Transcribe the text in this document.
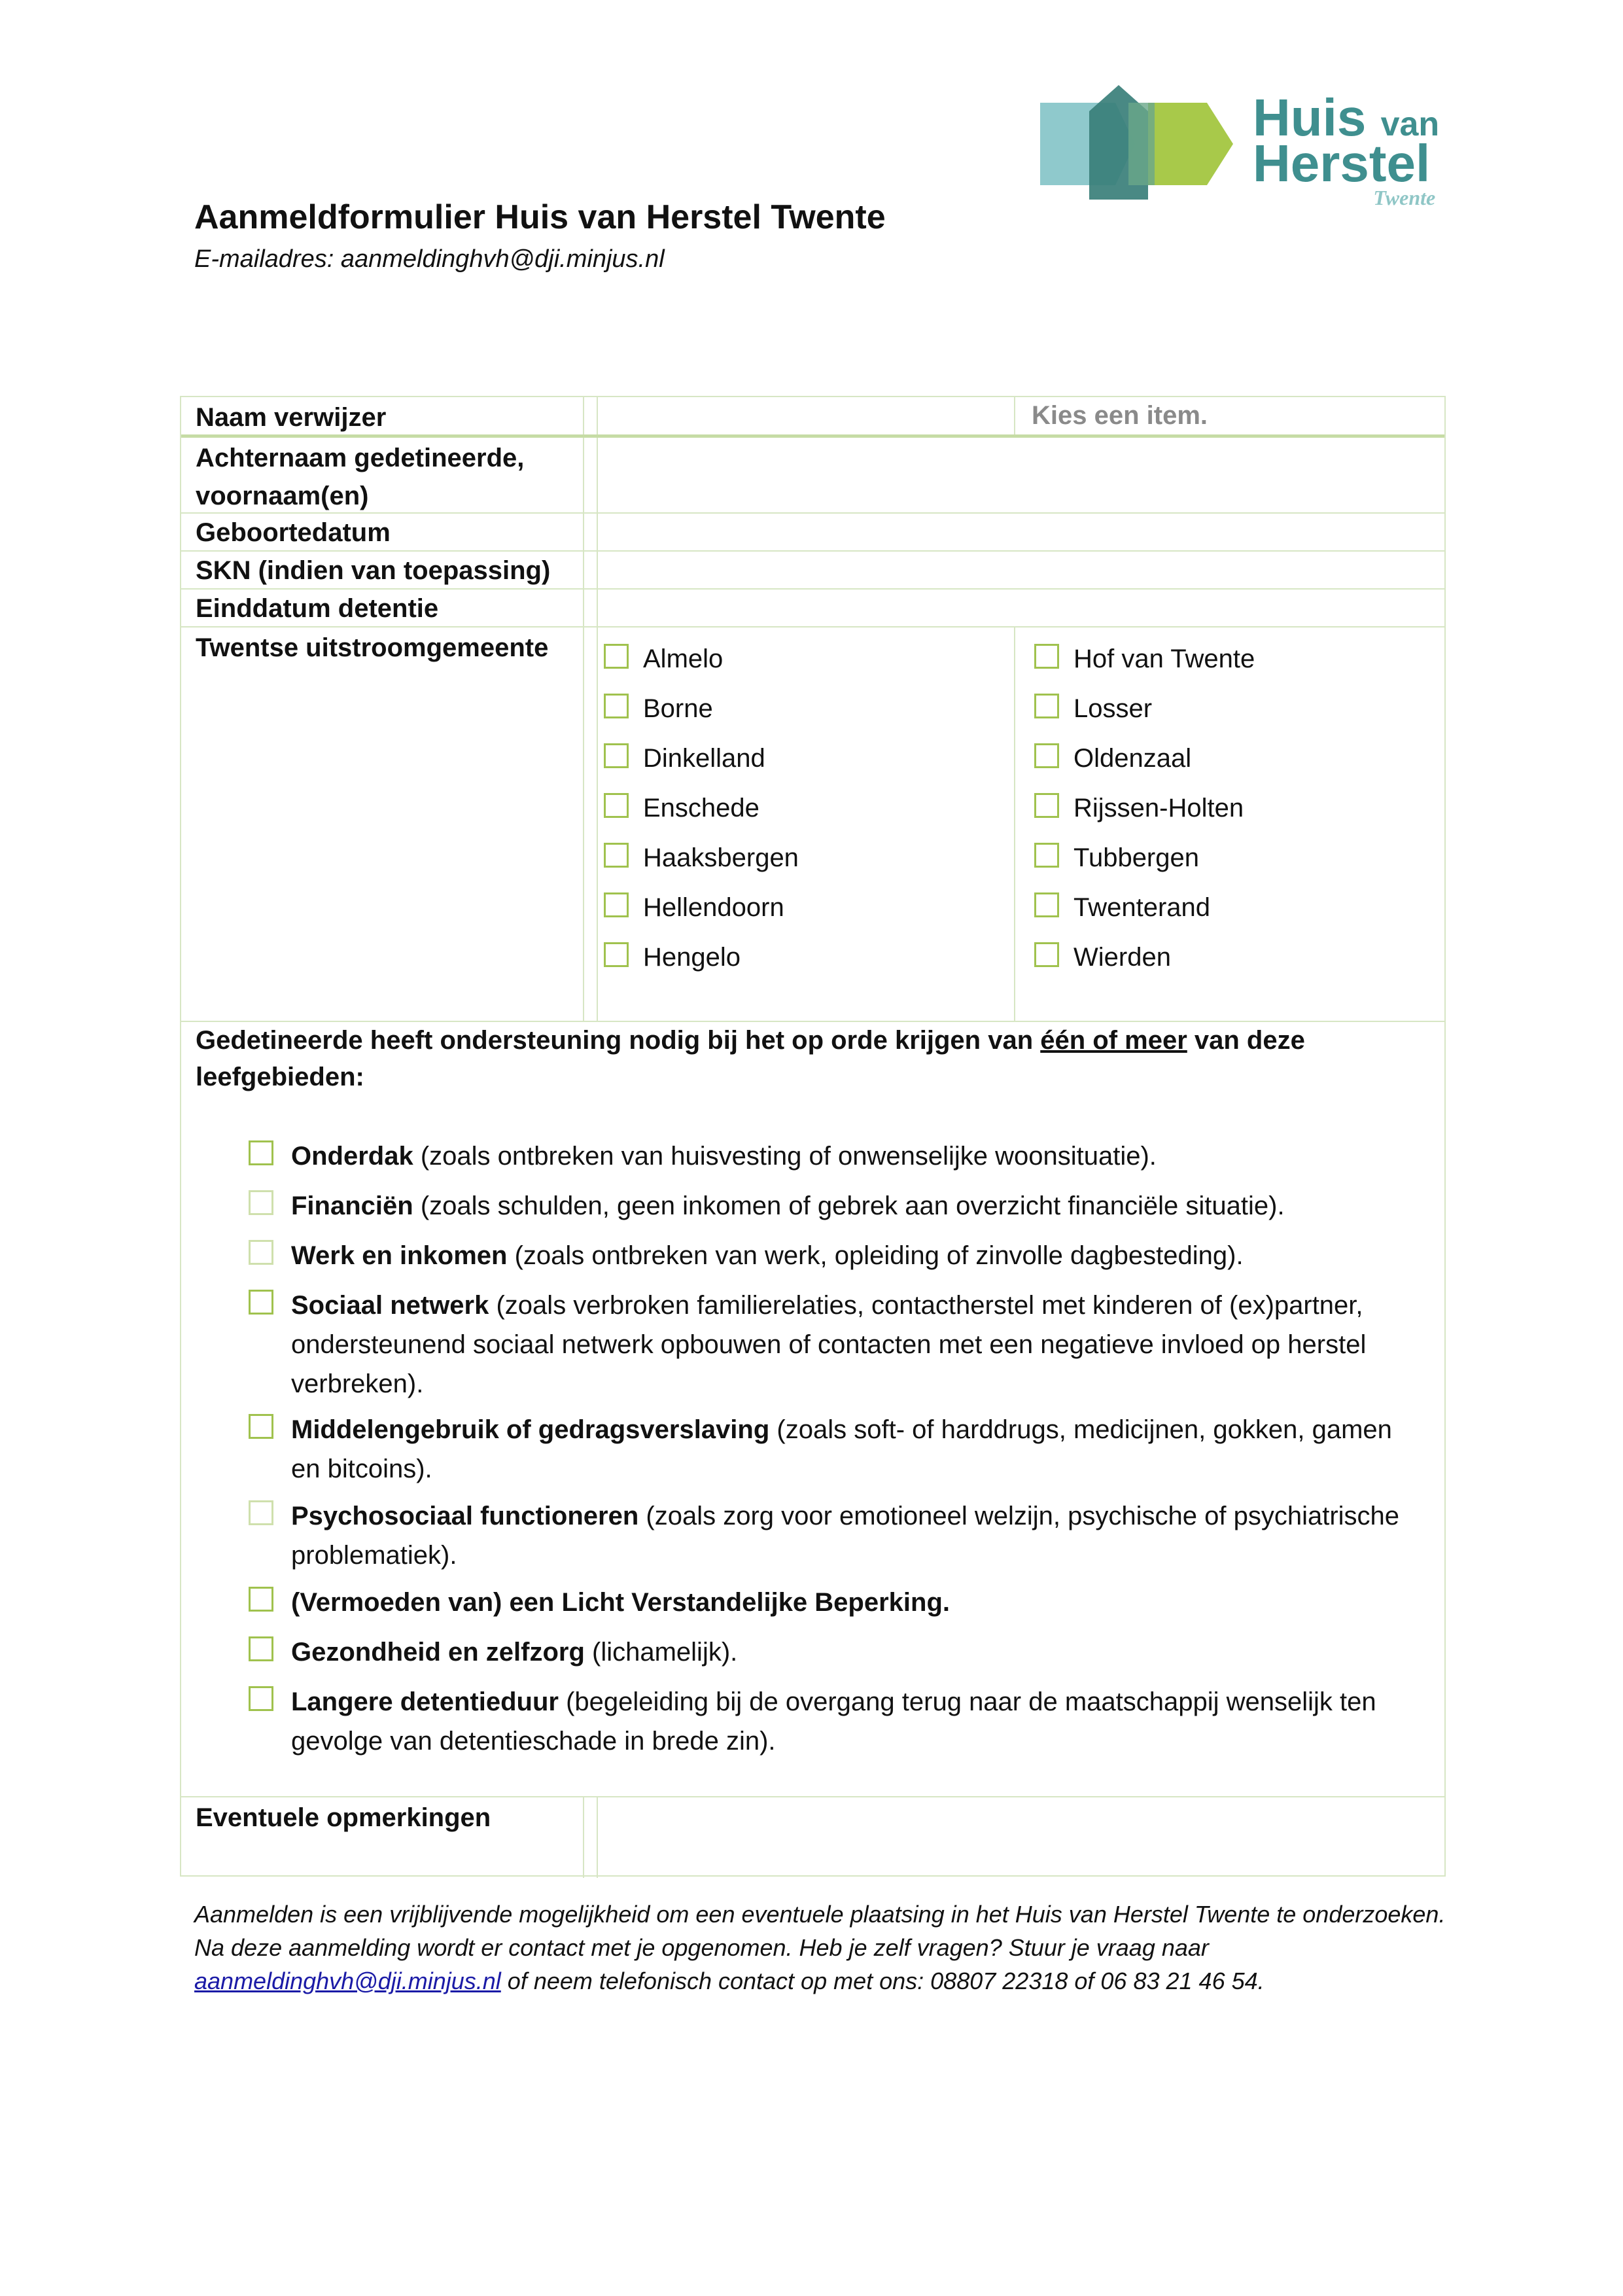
Huis van
Herstel
Twente
Aanmeldformulier Huis van Herstel Twente
E-mailadres: aanmeldinghvh@dji.minjus.nl
Naam verwijzer	Kies een item.
Achternaam gedetineerde, voornaam(en)
Geboortedatum
SKN (indien van toepassing)
Einddatum detentie
Twentse uitstroomgemeente	Almelo
Borne
Dinkelland
Enschede
Haaksbergen
Hellendoorn
Hengelo
Hof van Twente
Losser
Oldenzaal
Rijssen-Holten
Tubbergen
Twenterand
Wierden
Gedetineerde heeft ondersteuning nodig bij het op orde krijgen van één of meer van deze leefgebieden:
Onderdak (zoals ontbreken van huisvesting of onwenselijke woonsituatie).
Financiën (zoals schulden, geen inkomen of gebrek aan overzicht financiële situatie).
Werk en inkomen (zoals ontbreken van werk, opleiding of zinvolle dagbesteding).
Sociaal netwerk (zoals verbroken familierelaties, contactherstel met kinderen of (ex)partner, ondersteunend sociaal netwerk opbouwen of contacten met een negatieve invloed op herstel verbreken).
Middelengebruik of gedragsverslaving (zoals soft- of harddrugs, medicijnen, gokken, gamen en bitcoins).
Psychosociaal functioneren (zoals zorg voor emotioneel welzijn, psychische of psychiatrische problematiek).
(Vermoeden van) een Licht Verstandelijke Beperking.
Gezondheid en zelfzorg (lichamelijk).
Langere detentieduur (begeleiding bij de overgang terug naar de maatschappij wenselijk ten gevolge van detentieschade in brede zin).
Eventuele opmerkingen
Aanmelden is een vrijblijvende mogelijkheid om een eventuele plaatsing in het Huis van Herstel Twente te onderzoeken. Na deze aanmelding wordt er contact met je opgenomen. Heb je zelf vragen? Stuur je vraag naar aanmeldinghvh@dji.minjus.nl of neem telefonisch contact op met ons: 08807 22318 of 06 83 21 46 54.
